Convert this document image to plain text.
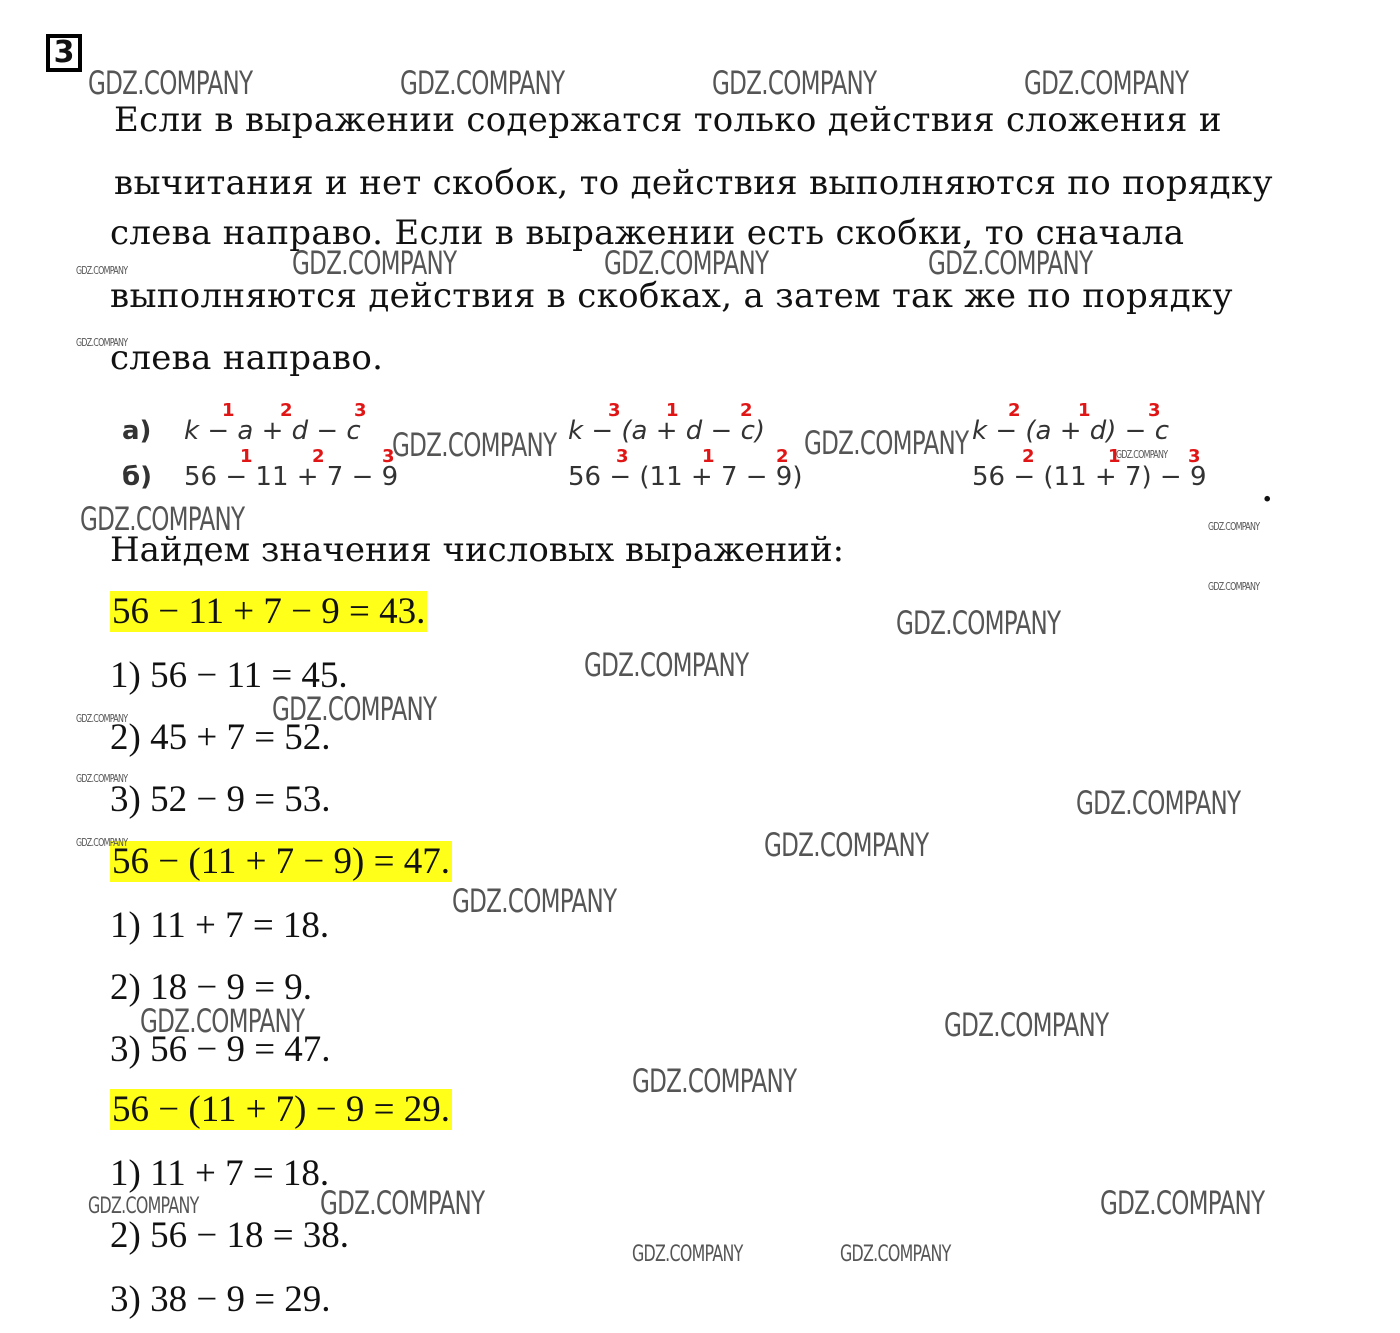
3
Если в выражении содержатся только действия сложения и
вычитания и нет скобок, то действия выполняются по порядку
слева направо. Если в выражении есть скобки, то сначала
выполняются действия в скобках, а затем так же по порядку
слева направо.
а) k − a + d − c
1	2	3
k − (a + d − c)
3	1	2
k − (a + d) − c
2	1	3
б) 56 − 11 + 7 − 9
1	2	3
56 − (11 + 7 − 9)
3	1	2
56 − (11 + 7) − 9
2	1	3
.
Найдем значения числовых выражений:
56 − 11 + 7 − 9 = 43.
1) 56 − 11 = 45.
2) 45 + 7 = 52.
3) 52 − 9 = 53.
56 − (11 + 7 − 9) = 47.
1) 11 + 7 = 18.
2) 18 − 9 = 9.
3) 56 − 9 = 47.
56 − (11 + 7) − 9 = 29.
1) 11 + 7 = 18.
2) 56 − 18 = 38.
3) 38 − 9 = 29.
GDZ.COMPANY	GDZ.COMPANY	GDZ.COMPANY	GDZ.COMPANY
GDZ.COMPANY	GDZ.COMPANY	GDZ.COMPANY
GDZ.COMPANY
GDZ.COMPANY
GDZ.COMPANY	GDZ.COMPANY	GDZ.COMPANY
GDZ.COMPANY	GDZ.COMPANY
GDZ.COMPANY
GDZ.COMPANY
GDZ.COMPANY
GDZ.COMPANY
GDZ.COMPANY
GDZ.COMPANY
GDZ.COMPANY
GDZ.COMPANY
GDZ.COMPANY
GDZ.COMPANY
GDZ.COMPANY	GDZ.COMPANY
GDZ.COMPANY
GDZ.COMPANY	GDZ.COMPANY	GDZ.COMPANY
GDZ.COMPANY	GDZ.COMPANY
